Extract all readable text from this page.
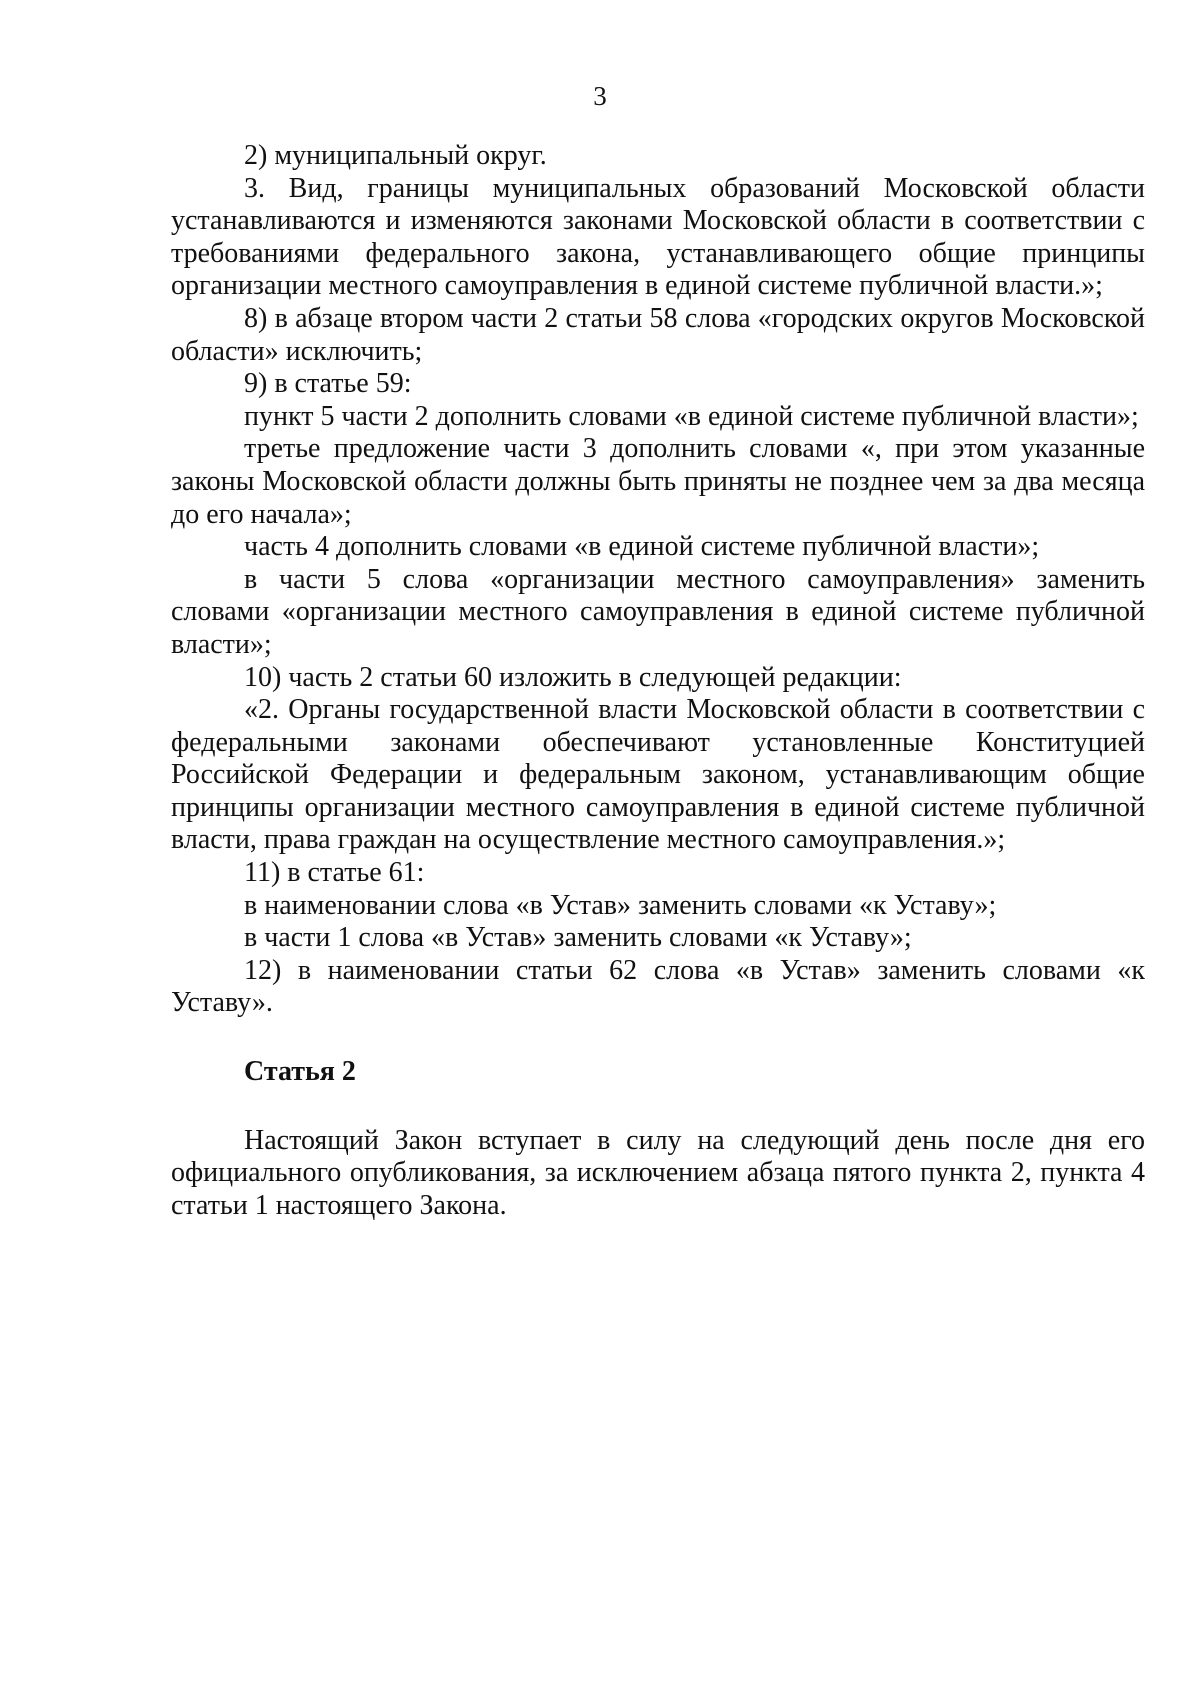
3

2) муниципальный округ.

3. Вид, границы муниципальных образований Московской области устанавливаются и изменяются законами Московской области в соответствии с требованиями федерального закона, устанавливающего общие принципы организации местного самоуправления в единой системе публичной власти.»;

8) в абзаце втором части 2 статьи 58 слова «городских округов Московской области» исключить;

9) в статье 59:

пункт 5 части 2 дополнить словами «в единой системе публичной власти»;

третье предложение части 3 дополнить словами «, при этом указанные законы Московской области должны быть приняты не позднее чем за два месяца до его начала»;

часть 4 дополнить словами «в единой системе публичной власти»;

в части 5 слова «организации местного самоуправления» заменить словами «организации местного самоуправления в единой системе публичной власти»;

10) часть 2 статьи 60 изложить в следующей редакции:

«2. Органы государственной власти Московской области в соответствии с федеральными законами обеспечивают установленные Конституцией Российской Федерации и федеральным законом, устанавливающим общие принципы организации местного самоуправления в единой системе публичной власти, права граждан на осуществление местного самоуправления.»;

11) в статье 61:

в наименовании слова «в Устав» заменить словами «к Уставу»;

в части 1 слова «в Устав» заменить словами «к Уставу»;

12) в наименовании статьи 62 слова «в Устав» заменить словами «к Уставу».

Статья 2

Настоящий Закон вступает в силу на следующий день после дня его официального опубликования, за исключением абзаца пятого пункта 2, пункта 4 статьи 1 настоящего Закона.
